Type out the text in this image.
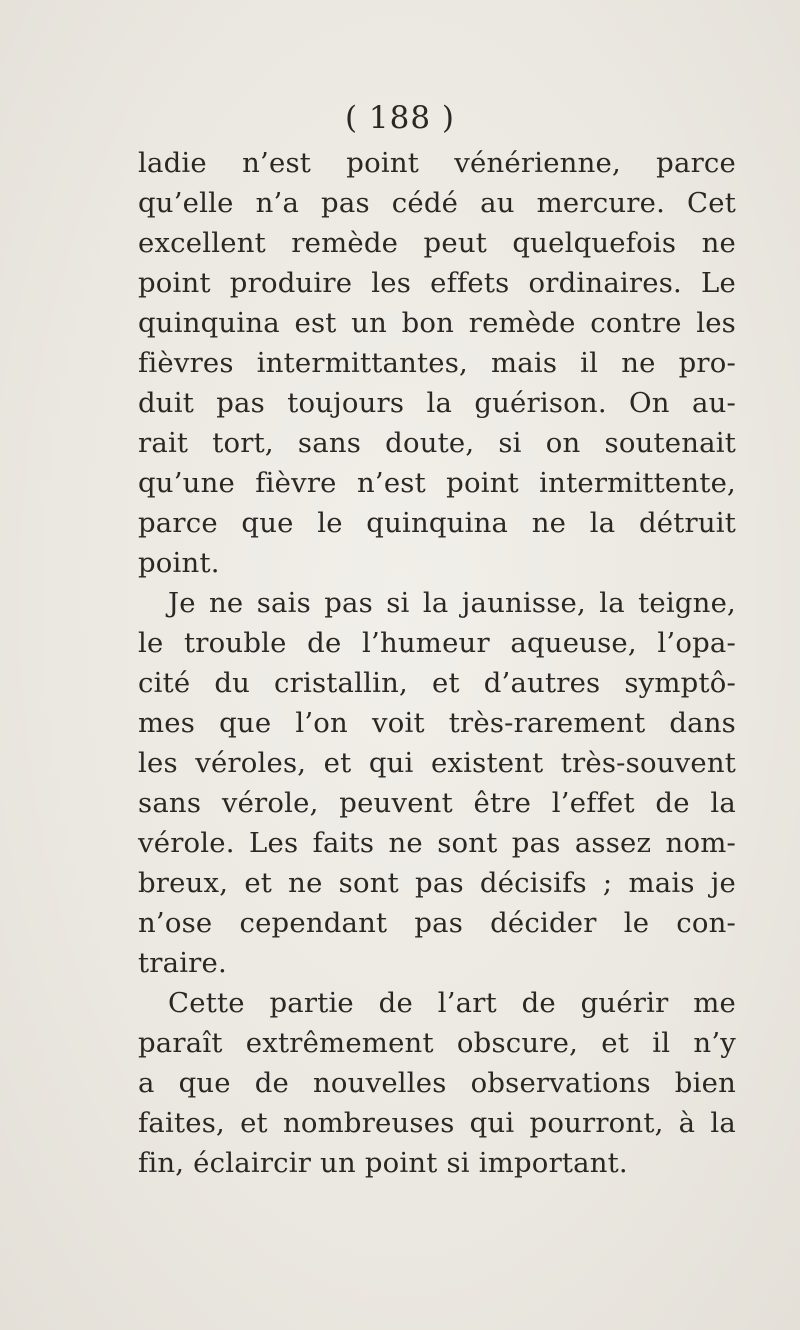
( 188 )
ladie n’est point vénérienne, parce
qu’elle n’a pas cédé au mercure. Cet
excellent remède peut quelquefois ne
point produire les effets ordinaires. Le
quinquina est un bon remède contre les
fièvres intermittantes, mais il ne pro-
duit pas toujours la guérison. On au-
rait tort, sans doute, si on soutenait
qu’une fièvre n’est point intermittente,
parce que le quinquina ne la détruit
point.
Je ne sais pas si la jaunisse, la teigne,
le trouble de l’humeur aqueuse, l’opa-
cité du cristallin, et d’autres symptô-
mes que l’on voit très-rarement dans
les véroles, et qui existent très-souvent
sans vérole, peuvent être l’effet de la
vérole. Les faits ne sont pas assez nom-
breux, et ne sont pas décisifs ; mais je
n’ose cependant pas décider le con-
traire.
Cette partie de l’art de guérir me
paraît extrêmement obscure, et il n’y
a que de nouvelles observations bien
faites, et nombreuses qui pourront, à la
fin, éclaircir un point si important.
